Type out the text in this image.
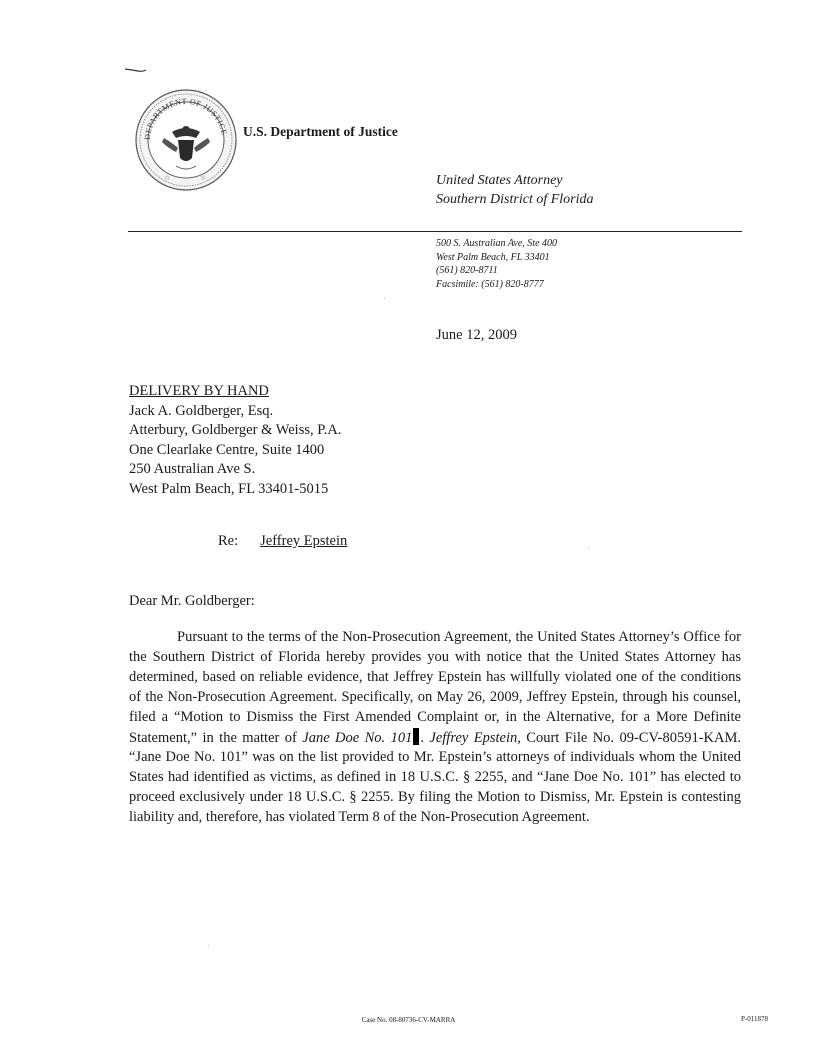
DEPARTMENT OF JUSTICE
☆	☆
U.S. Department of Justice
United States Attorney
Southern District of Florida
500 S. Australian Ave, Ste 400
West Palm Beach, FL 33401
(561) 820-8711
Facsimile: (561) 820-8777
June 12, 2009
DELIVERY BY HAND
Jack A. Goldberger, Esq.
Atterbury, Goldberger & Weiss, P.A.
One Clearlake Centre, Suite 1400
250 Australian Ave S.
West Palm Beach, FL 33401-5015
Re: Jeffrey Epstein
Dear Mr. Goldberger:
Pursuant to the terms of the Non-Prosecution Agreement, the United States Attorney’s Office for the Southern District of Florida hereby provides you with notice that the United States Attorney has determined, based on reliable evidence, that Jeffrey Epstein has willfully violated one of the conditions of the Non-Prosecution Agreement. Specifically, on May 26, 2009, Jeffrey Epstein, through his counsel, filed a “Motion to Dismiss the First Amended Complaint or, in the Alternative, for a More Definite Statement,” in the matter of Jane Doe No. 101 . Jeffrey Epstein, Court File No. 09-CV-80591-KAM. “Jane Doe No. 101” was on the list provided to Mr. Epstein’s attorneys of individuals whom the United States had identified as victims, as defined in 18 U.S.C. § 2255, and “Jane Doe No. 101” has elected to proceed exclusively under 18 U.S.C. § 2255. By filing the Motion to Dismiss, Mr. Epstein is contesting liability and, therefore, has violated Term 8 of the Non-Prosecution Agreement.
Case No. 08-80736-CV-MARRA	P-011878
